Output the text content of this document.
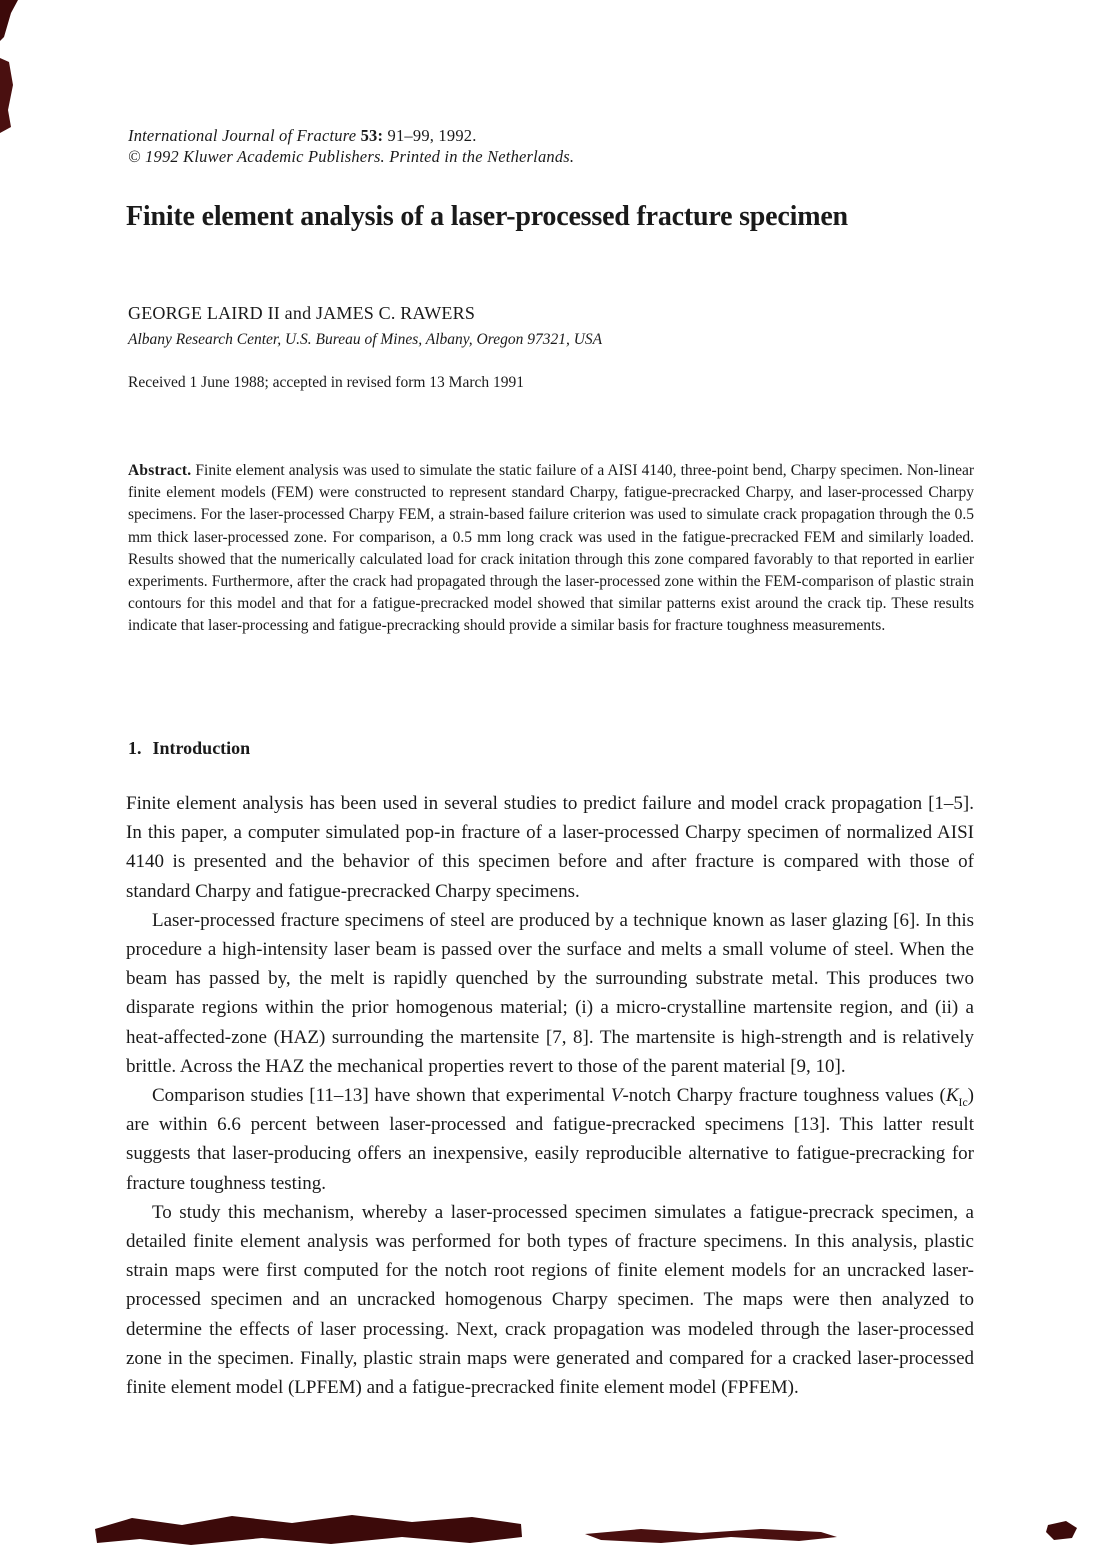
International Journal of Fracture 53: 91–99, 1992.
© 1992 Kluwer Academic Publishers. Printed in the Netherlands.
Finite element analysis of a laser-processed fracture specimen
GEORGE LAIRD II and JAMES C. RAWERS
Albany Research Center, U.S. Bureau of Mines, Albany, Oregon 97321, USA
Received 1 June 1988; accepted in revised form 13 March 1991

Abstract. Finite element analysis was used to simulate the static failure of a AISI 4140, three-point bend, Charpy specimen. Non-linear finite element models (FEM) were constructed to represent standard Charpy, fatigue-precracked Charpy, and laser-processed Charpy specimens. For the laser-processed Charpy FEM, a strain-based failure criterion was used to simulate crack propagation through the 0.5 mm thick laser-processed zone. For comparison, a 0.5 mm long crack was used in the fatigue-precracked FEM and similarly loaded. Results showed that the numerically calculated load for crack initation through this zone compared favorably to that reported in earlier experiments. Furthermore, after the crack had propagated through the laser-processed zone within the FEM-comparison of plastic strain contours for this model and that for a fatigue-precracked model showed that similar patterns exist around the crack tip. These results indicate that laser-processing and fatigue-precracking should provide a similar basis for fracture toughness measurements.

1. Introduction

Finite element analysis has been used in several studies to predict failure and model crack propagation [1–5]. In this paper, a computer simulated pop-in fracture of a laser-processed Charpy specimen of normalized AISI 4140 is presented and the behavior of this specimen before and after fracture is compared with those of standard Charpy and fatigue-precracked Charpy specimens.

Laser-processed fracture specimens of steel are produced by a technique known as laser glazing [6]. In this procedure a high-intensity laser beam is passed over the surface and melts a small volume of steel. When the beam has passed by, the melt is rapidly quenched by the surrounding substrate metal. This produces two disparate regions within the prior homogenous material; (i) a micro-crystalline martensite region, and (ii) a heat-affected-zone (HAZ) surrounding the martensite [7, 8]. The martensite is high-strength and is relatively brittle. Across the HAZ the mechanical properties revert to those of the parent material [9, 10].

Comparison studies [11–13] have shown that experimental V-notch Charpy fracture toughness values $(K_{Ic})$ are within 6.6 percent between laser-processed and fatigue-precracked specimens [13]. This latter result suggests that laser-producing offers an inexpensive, easily reproducible alternative to fatigue-precracking for fracture toughness testing.

To study this mechanism, whereby a laser-processed specimen simulates a fatigue-precrack specimen, a detailed finite element analysis was performed for both types of fracture specimens. In this analysis, plastic strain maps were first computed for the notch root regions of finite element models for an uncracked laser-processed specimen and an uncracked homogenous Charpy specimen. The maps were then analyzed to determine the effects of laser processing. Next, crack propagation was modeled through the laser-processed zone in the specimen. Finally, plastic strain maps were generated and compared for a cracked laser-processed finite element model (LPFEM) and a fatigue-precracked finite element model (FPFEM).
